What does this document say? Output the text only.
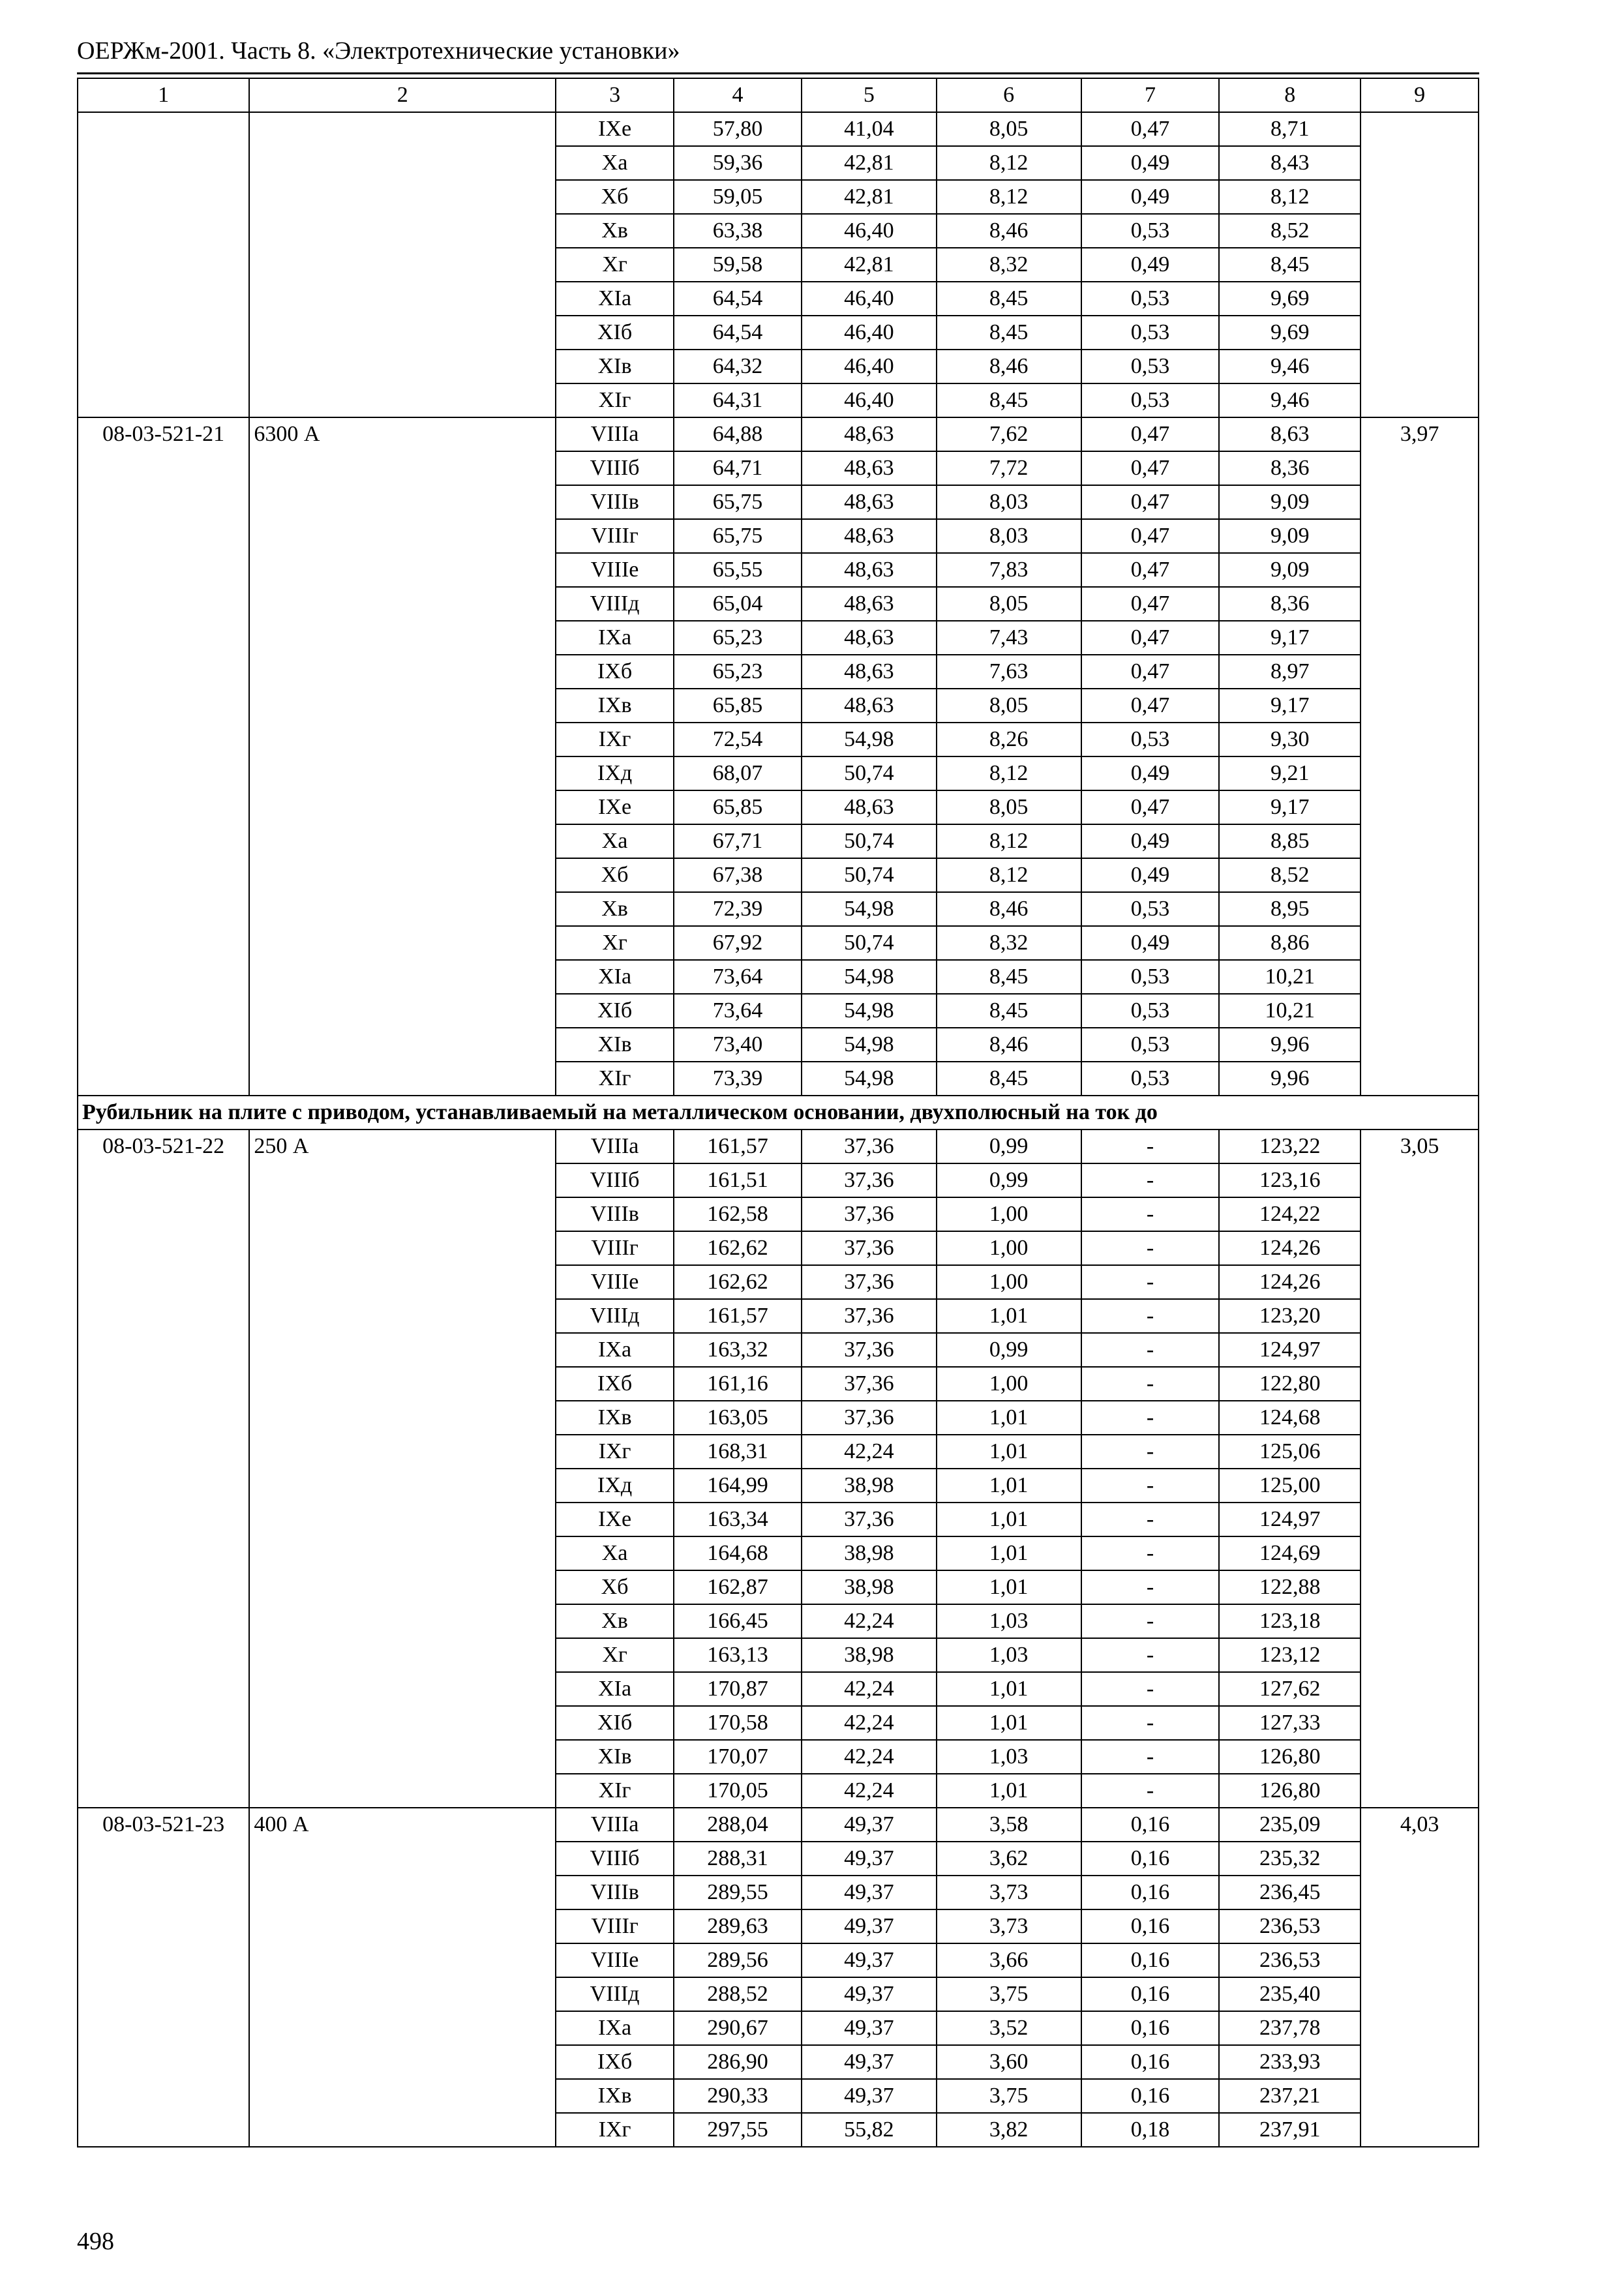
ОЕРЖм-2001. Часть 8. «Электротехнические установки»
1	2	3	4	5	6	7	8	9
		IXе	57,80	41,04	8,05	0,47	8,71	
		Xа	59,36	42,81	8,12	0,49	8,43	
		Xб	59,05	42,81	8,12	0,49	8,12	
		Xв	63,38	46,40	8,46	0,53	8,52	
		Xг	59,58	42,81	8,32	0,49	8,45	
		XIа	64,54	46,40	8,45	0,53	9,69	
		XIб	64,54	46,40	8,45	0,53	9,69	
		XIв	64,32	46,40	8,46	0,53	9,46	
		XIг	64,31	46,40	8,45	0,53	9,46	
08-03-521-21	6300 А	VIIIа	64,88	48,63	7,62	0,47	8,63	3,97
		VIIIб	64,71	48,63	7,72	0,47	8,36	
		VIIIв	65,75	48,63	8,03	0,47	9,09	
		VIIIг	65,75	48,63	8,03	0,47	9,09	
		VIIIе	65,55	48,63	7,83	0,47	9,09	
		VIIIд	65,04	48,63	8,05	0,47	8,36	
		IXа	65,23	48,63	7,43	0,47	9,17	
		IXб	65,23	48,63	7,63	0,47	8,97	
		IXв	65,85	48,63	8,05	0,47	9,17	
		IXг	72,54	54,98	8,26	0,53	9,30	
		IXд	68,07	50,74	8,12	0,49	9,21	
		IXе	65,85	48,63	8,05	0,47	9,17	
		Xа	67,71	50,74	8,12	0,49	8,85	
		Xб	67,38	50,74	8,12	0,49	8,52	
		Xв	72,39	54,98	8,46	0,53	8,95	
		Xг	67,92	50,74	8,32	0,49	8,86	
		XIа	73,64	54,98	8,45	0,53	10,21	
		XIб	73,64	54,98	8,45	0,53	10,21	
		XIв	73,40	54,98	8,46	0,53	9,96	
		XIг	73,39	54,98	8,45	0,53	9,96	
Рубильник на плите с приводом, устанавливаемый на металлическом основании, двухполюсный на ток до								
08-03-521-22	250 А	VIIIа	161,57	37,36	0,99	-	123,22	3,05
		VIIIб	161,51	37,36	0,99	-	123,16	
		VIIIв	162,58	37,36	1,00	-	124,22	
		VIIIг	162,62	37,36	1,00	-	124,26	
		VIIIе	162,62	37,36	1,00	-	124,26	
		VIIIд	161,57	37,36	1,01	-	123,20	
		IXа	163,32	37,36	0,99	-	124,97	
		IXб	161,16	37,36	1,00	-	122,80	
		IXв	163,05	37,36	1,01	-	124,68	
		IXг	168,31	42,24	1,01	-	125,06	
		IXд	164,99	38,98	1,01	-	125,00	
		IXе	163,34	37,36	1,01	-	124,97	
		Xа	164,68	38,98	1,01	-	124,69	
		Xб	162,87	38,98	1,01	-	122,88	
		Xв	166,45	42,24	1,03	-	123,18	
		Xг	163,13	38,98	1,03	-	123,12	
		XIа	170,87	42,24	1,01	-	127,62	
		XIб	170,58	42,24	1,01	-	127,33	
		XIв	170,07	42,24	1,03	-	126,80	
		XIг	170,05	42,24	1,01	-	126,80	
08-03-521-23	400 А	VIIIа	288,04	49,37	3,58	0,16	235,09	4,03
		VIIIб	288,31	49,37	3,62	0,16	235,32	
		VIIIв	289,55	49,37	3,73	0,16	236,45	
		VIIIг	289,63	49,37	3,73	0,16	236,53	
		VIIIе	289,56	49,37	3,66	0,16	236,53	
		VIIIд	288,52	49,37	3,75	0,16	235,40	
		IXа	290,67	49,37	3,52	0,16	237,78	
		IXб	286,90	49,37	3,60	0,16	233,93	
		IXв	290,33	49,37	3,75	0,16	237,21	
		IXг	297,55	55,82	3,82	0,18	237,91	
498
